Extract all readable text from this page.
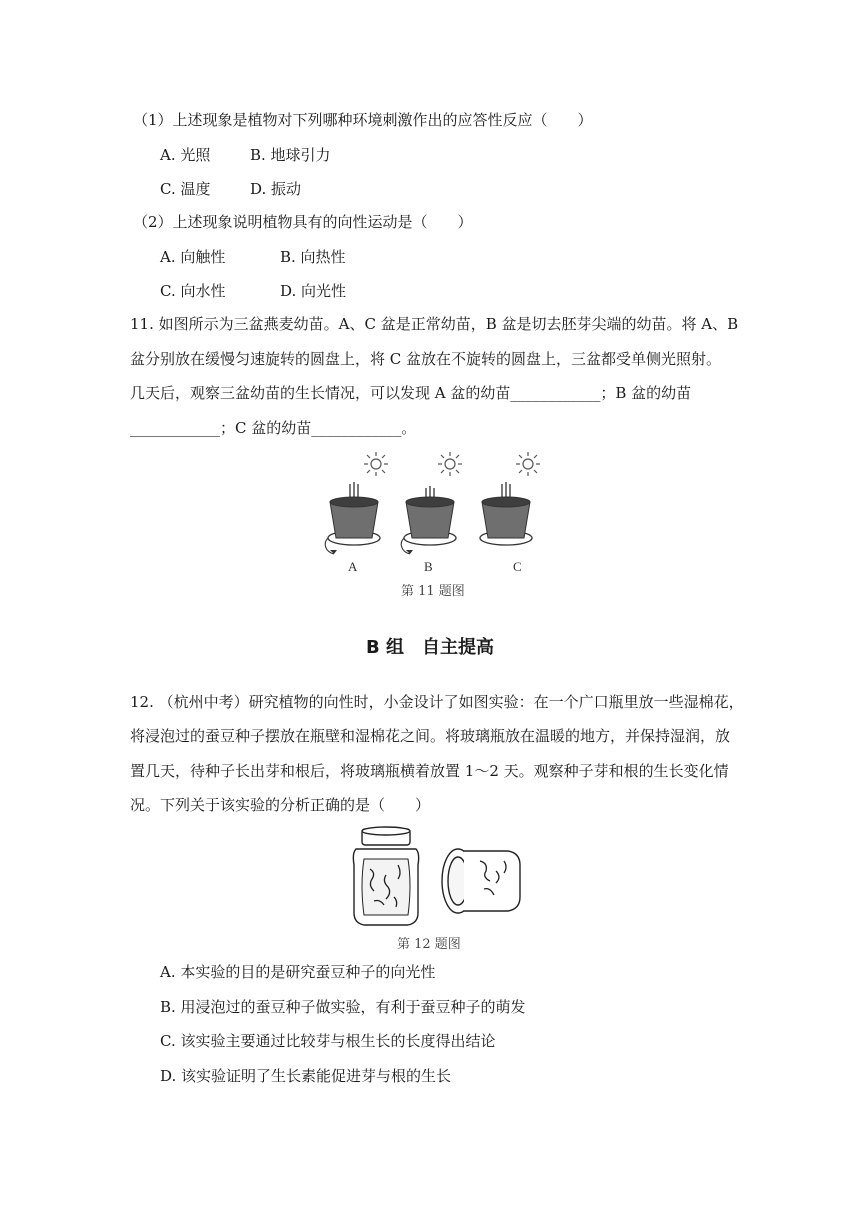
（1）上述现象是植物对下列哪种环境刺激作出的应答性反应（　　）
A. 光照	B. 地球引力
C. 温度	D. 振动
（2）上述现象说明植物具有的向性运动是（　　）
A. 向触性	B. 向热性
C. 向水性	D. 向光性
11. 如图所示为三盆燕麦幼苗。A、C 盆是正常幼苗，B 盆是切去胚芽尖端的幼苗。将 A、B
盆分别放在缓慢匀速旋转的圆盘上，将 C 盆放在不旋转的圆盘上，三盆都受单侧光照射。
几天后，观察三盆幼苗的生长情况，可以发现 A 盆的幼苗____________；B 盆的幼苗
____________；C 盆的幼苗____________。
A	B	C
第 11 题图
B 组　自主提高
12. （杭州中考）研究植物的向性时，小金设计了如图实验：在一个广口瓶里放一些湿棉花，
将浸泡过的蚕豆种子摆放在瓶壁和湿棉花之间。将玻璃瓶放在温暖的地方，并保持湿润，放
置几天，待种子长出芽和根后，将玻璃瓶横着放置 1～2 天。观察种子芽和根的生长变化情
况。下列关于该实验的分析正确的是（　　）
第 12 题图
A. 本实验的目的是研究蚕豆种子的向光性
B. 用浸泡过的蚕豆种子做实验，有利于蚕豆种子的萌发
C. 该实验主要通过比较芽与根生长的长度得出结论
D. 该实验证明了生长素能促进芽与根的生长
